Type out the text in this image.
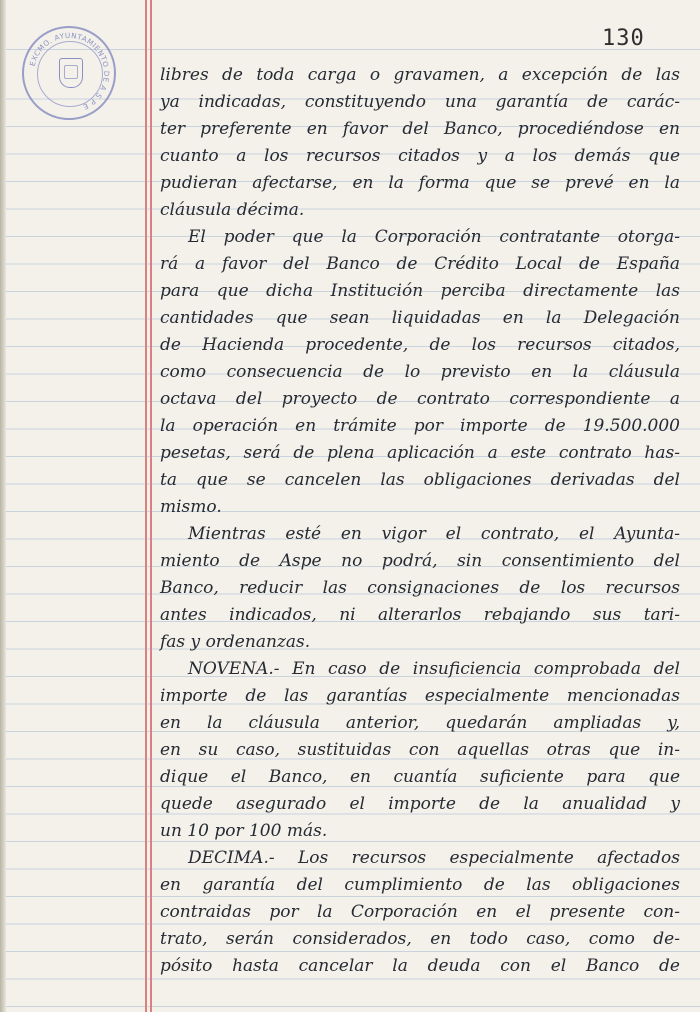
EXCMO. AYUNTAMIENTO DE A S P E
130
libres de toda carga o gravamen, a excepción de las
ya indicadas, constituyendo una garantía de carác-
ter preferente en favor del Banco, procediéndose en
cuanto a los recursos citados y a los demás que
pudieran afectarse, en la forma que se prevé en la
cláusula décima.
El poder que la Corporación contratante otorga-
rá a favor del Banco de Crédito Local de España
para que dicha Institución perciba directamente las
cantidades que sean liquidadas en la Delegación
de Hacienda procedente, de los recursos citados,
como consecuencia de lo previsto en la cláusula
octava del proyecto de contrato correspondiente a
la operación en trámite por importe de 19.500.000
pesetas, será de plena aplicación a este contrato has-
ta que se cancelen las obligaciones derivadas del
mismo.
Mientras esté en vigor el contrato, el Ayunta-
miento de Aspe no podrá, sin consentimiento del
Banco, reducir las consignaciones de los recursos
antes indicados, ni alterarlos rebajando sus tari-
fas y ordenanzas.
NOVENA.- En caso de insuficiencia comprobada del
importe de las garantías especialmente mencionadas
en la cláusula anterior, quedarán ampliadas y,
en su caso, sustituidas con aquellas otras que in-
dique el Banco, en cuantía suficiente para que
quede asegurado el importe de la anualidad y
un 10 por 100 más.
DECIMA.- Los recursos especialmente afectados
en garantía del cumplimiento de las obligaciones
contraidas por la Corporación en el presente con-
trato, serán considerados, en todo caso, como de-
pósito hasta cancelar la deuda con el Banco de
